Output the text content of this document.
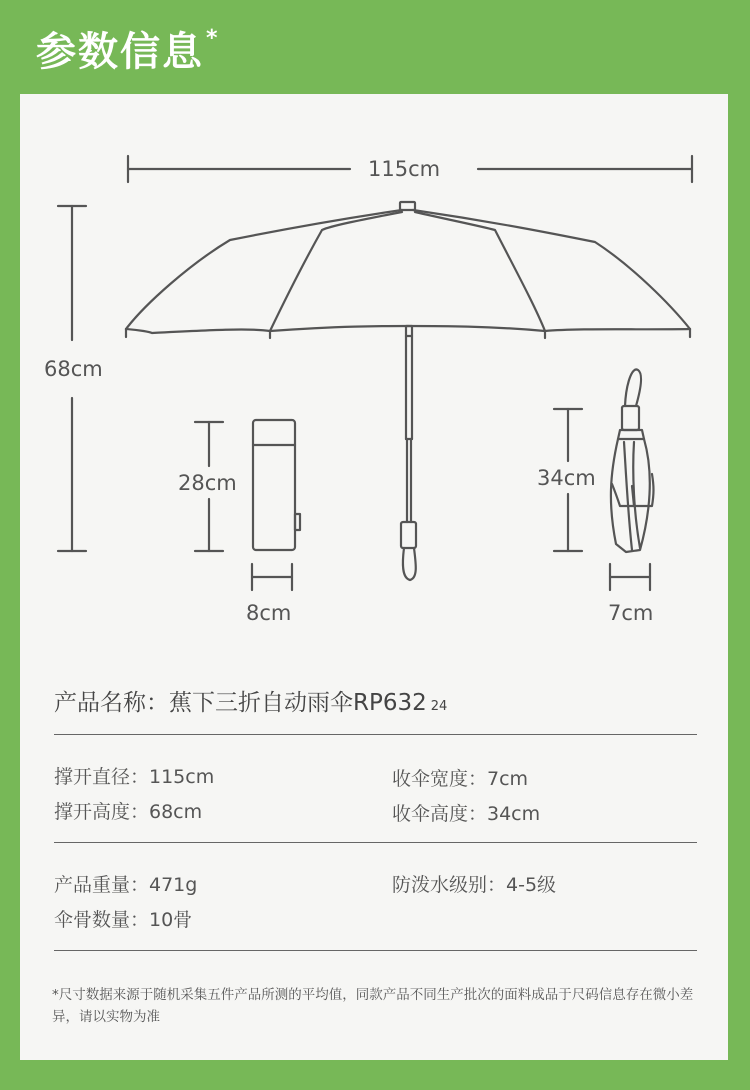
参数信息*
115cm
68cm
28cm
8cm
34cm
7cm
产品名称：蕉下三折自动雨伞RP632 24
撑开直径：115cm	收伞宽度：7cm
撑开高度：68cm	收伞高度：34cm
产品重量：471g	防泼水级别：4-5级
伞骨数量：10骨
*尺寸数据来源于随机采集五件产品所测的平均值，同款产品不同生产批次的面料成品于尺码信息存在微小差异，请以实物为准
